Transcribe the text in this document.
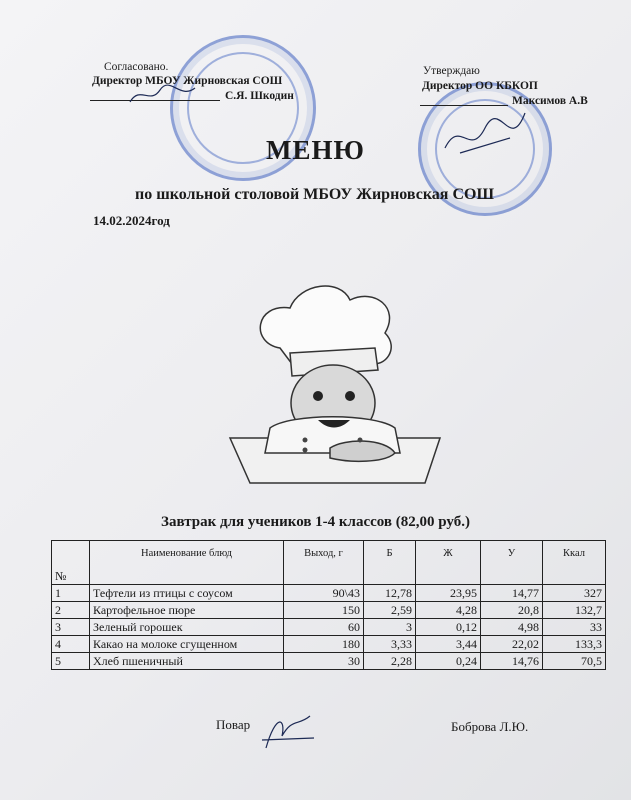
Согласовано.
Директор МБОУ Жирновская СОШ
С.Я. Шкодин
Утверждаю
Директор ОО КБКОП
Максимов А.В
МЕНЮ
по школьной столовой МБОУ Жирновская СОШ
14.02.2024год
Завтрак для учеников 1-4 классов (82,00 руб.)
№	Наименование блюд	Выход, г	Б	Ж	У	Ккал
1	Тефтели из птицы с соусом	90\43	12,78	23,95	14,77	327
2	Картофельное пюре	150	2,59	4,28	20,8	132,7
3	Зеленый горошек	60	3	0,12	4,98	33
4	Какао на молоке сгущенном	180	3,33	3,44	22,02	133,3
5	Хлеб пшеничный	30	2,28	0,24	14,76	70,5
Повар	Боброва Л.Ю.
